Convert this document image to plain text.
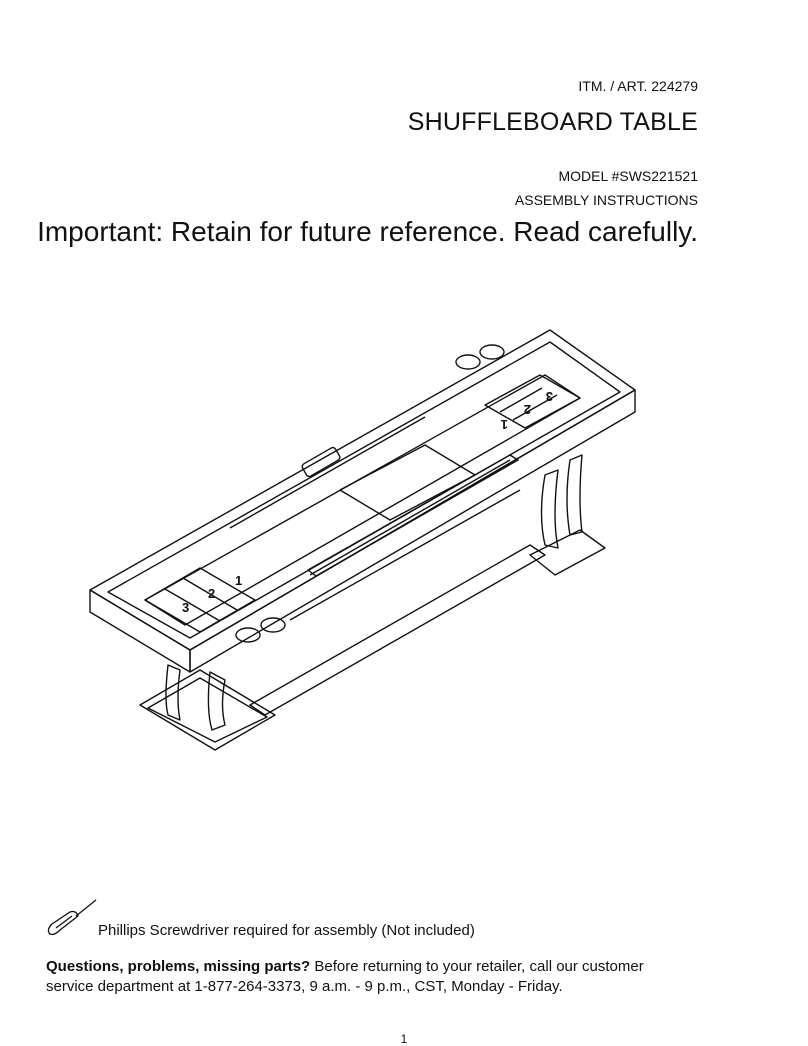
ITM. / ART. 224279
SHUFFLEBOARD TABLE
MODEL #SWS221521
ASSEMBLY INSTRUCTIONS
Important: Retain for future reference. Read carefully.
1
2
3
1
2
3
Phillips Screwdriver required for assembly (Not included)
Questions, problems, missing parts? Before returning to your retailer, call our customer
service department at 1-877-264-3373, 9 a.m. - 9 p.m., CST, Monday - Friday.
1
